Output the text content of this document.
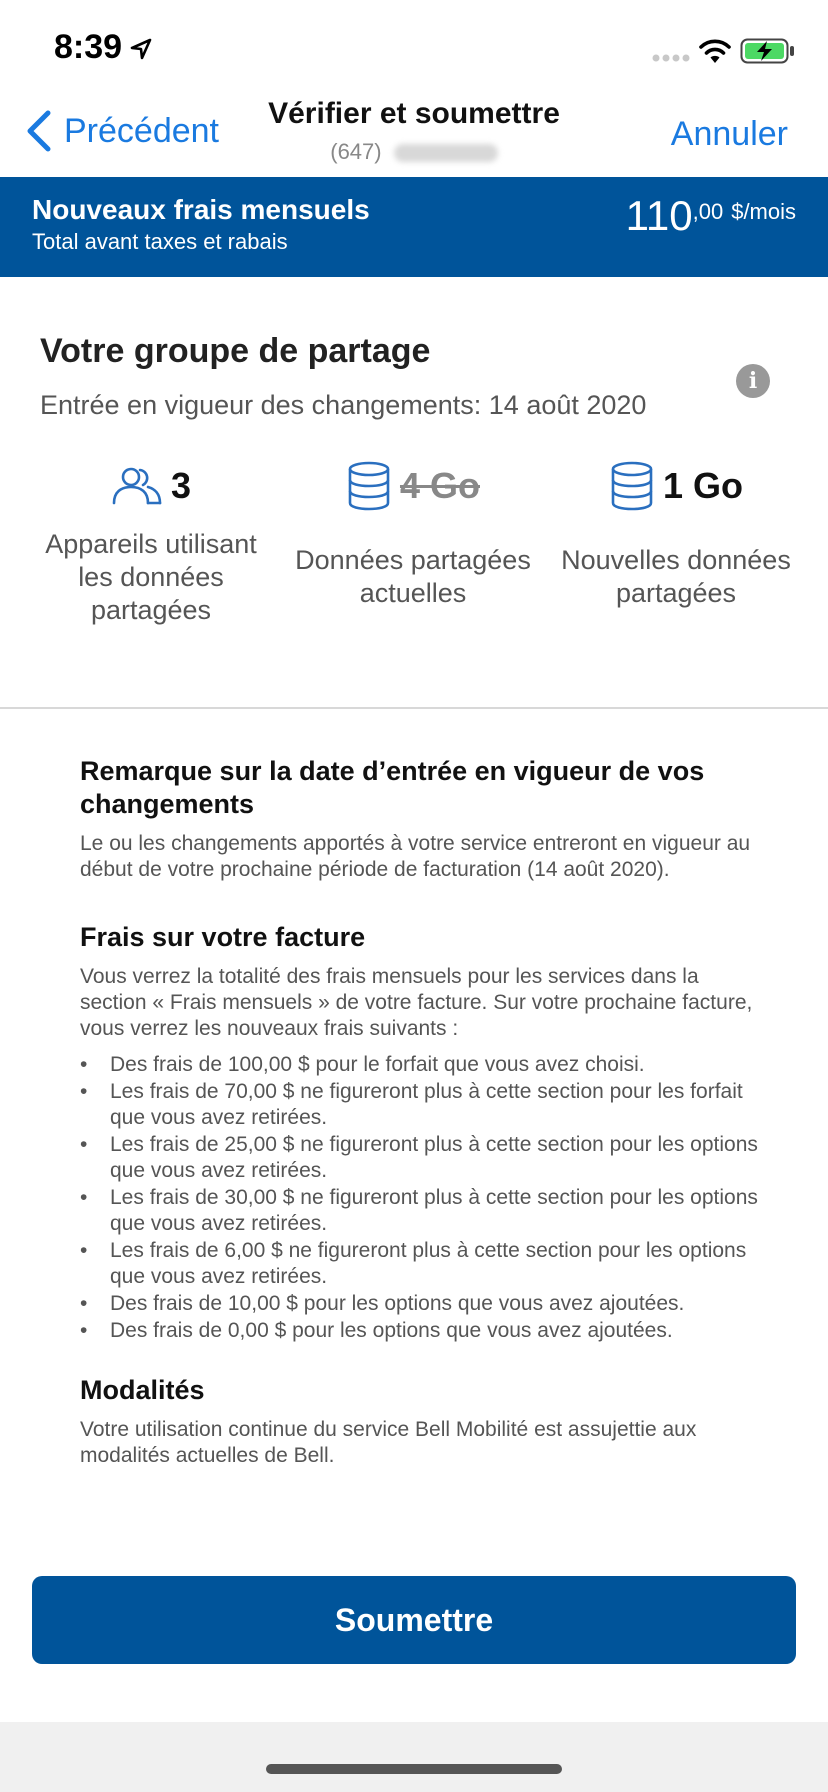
8:39
Précédent	Vérifier et soumettre
(647)	Annuler
Nouveaux frais mensuels
Total avant taxes et rabais
110 ,00 $/mois
Votre groupe de partage
i
Entrée en vigueur des changements: 14 août 2020
3
Appareils utilisant les données partagées
4 Go
Données partagées actuelles
1 Go
Nouvelles données partagées
Remarque sur la date d’entrée en vigueur de vos changements
Le ou les changements apportés à votre service entreront en vigueur au début de votre prochaine période de facturation (14 août 2020).
Frais sur votre facture
Vous verrez la totalité des frais mensuels pour les services dans la section « Frais mensuels » de votre facture. Sur votre prochaine facture, vous verrez les nouveaux frais suivants :
• Des frais de 100,00 $ pour le forfait que vous avez choisi.
• Les frais de 70,00 $ ne figureront plus à cette section pour les forfait que vous avez retirées.
• Les frais de 25,00 $ ne figureront plus à cette section pour les options que vous avez retirées.
• Les frais de 30,00 $ ne figureront plus à cette section pour les options que vous avez retirées.
• Les frais de 6,00 $ ne figureront plus à cette section pour les options que vous avez retirées.
• Des frais de 10,00 $ pour les options que vous avez ajoutées.
• Des frais de 0,00 $ pour les options que vous avez ajoutées.
Modalités
Votre utilisation continue du service Bell Mobilité est assujettie aux modalités actuelles de Bell.
Soumettre
